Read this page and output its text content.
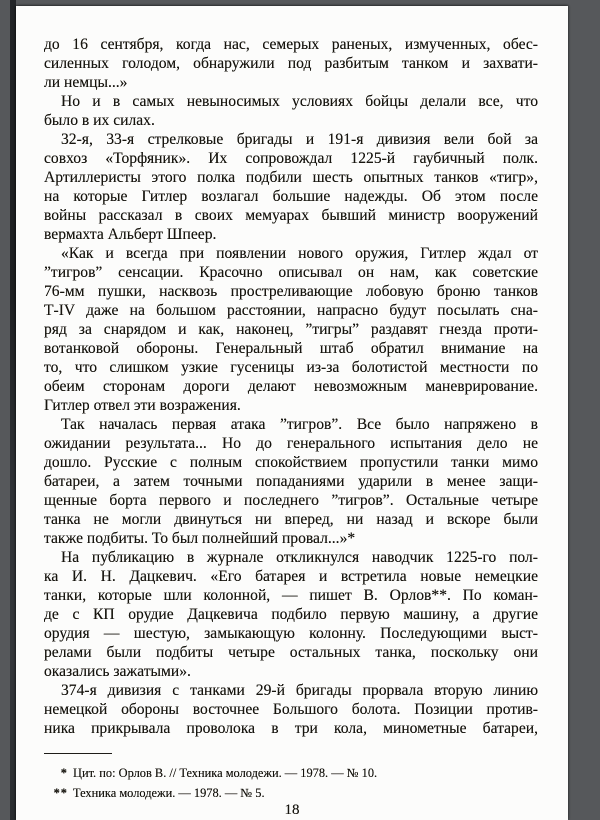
до 16 сентября, когда нас, семерых раненых, измученных, обес-
силенных голодом, обнаружили под разбитым танком и захвати-
ли немцы...»
Но и в самых невыносимых условиях бойцы делали все, что
было в их силах.
32-я, 33-я стрелковые бригады и 191-я дивизия вели бой за
совхоз «Торфяник». Их сопровождал 1225-й гаубичный полк.
Артиллеристы этого полка подбили шесть опытных танков «тигр»,
на которые Гитлер возлагал большие надежды. Об этом после
войны рассказал в своих мемуарах бывший министр вооружений
вермахта Альберт Шпеер.
«Как и всегда при появлении нового оружия, Гитлер ждал от
”тигров” сенсации. Красочно описывал он нам, как советские
76-мм пушки, насквозь простреливающие лобовую броню танков
Т-IV даже на большом расстоянии, напрасно будут посылать сна-
ряд за снарядом и как, наконец, ”тигры” раздавят гнезда проти-
вотанковой обороны. Генеральный штаб обратил внимание на
то, что слишком узкие гусеницы из-за болотистой местности по
обеим сторонам дороги делают невозможным маневрирование.
Гитлер отвел эти возражения.
Так началась первая атака ”тигров”. Все было напряжено в
ожидании результата... Но до генерального испытания дело не
дошло. Русские с полным спокойствием пропустили танки мимо
батареи, а затем точными попаданиями ударили в менее защи-
щенные борта первого и последнего ”тигров”. Остальные четыре
танка не могли двинуться ни вперед, ни назад и вскоре были
также подбиты. То был полнейший провал...»*
На публикацию в журнале откликнулся наводчик 1225-го пол-
ка И. Н. Дацкевич. «Его батарея и встретила новые немецкие
танки, которые шли колонной, — пишет В. Орлов**. По коман-
де с КП орудие Дацкевича подбило первую машину, а другие
орудия — шестую, замыкающую колонну. Последующими выст-
релами были подбиты четыре остальных танка, поскольку они
оказались зажатыми».
374-я дивизия с танками 29-й бригады прорвала вторую линию
немецкой обороны восточнее Большого болота. Позиции против-
ника прикрывала проволока в три кола, минометные батареи,
* Цит. по: Орлов В. // Техника молодежи. — 1978. — № 10.
** Техника молодежи. — 1978. — № 5.
18
